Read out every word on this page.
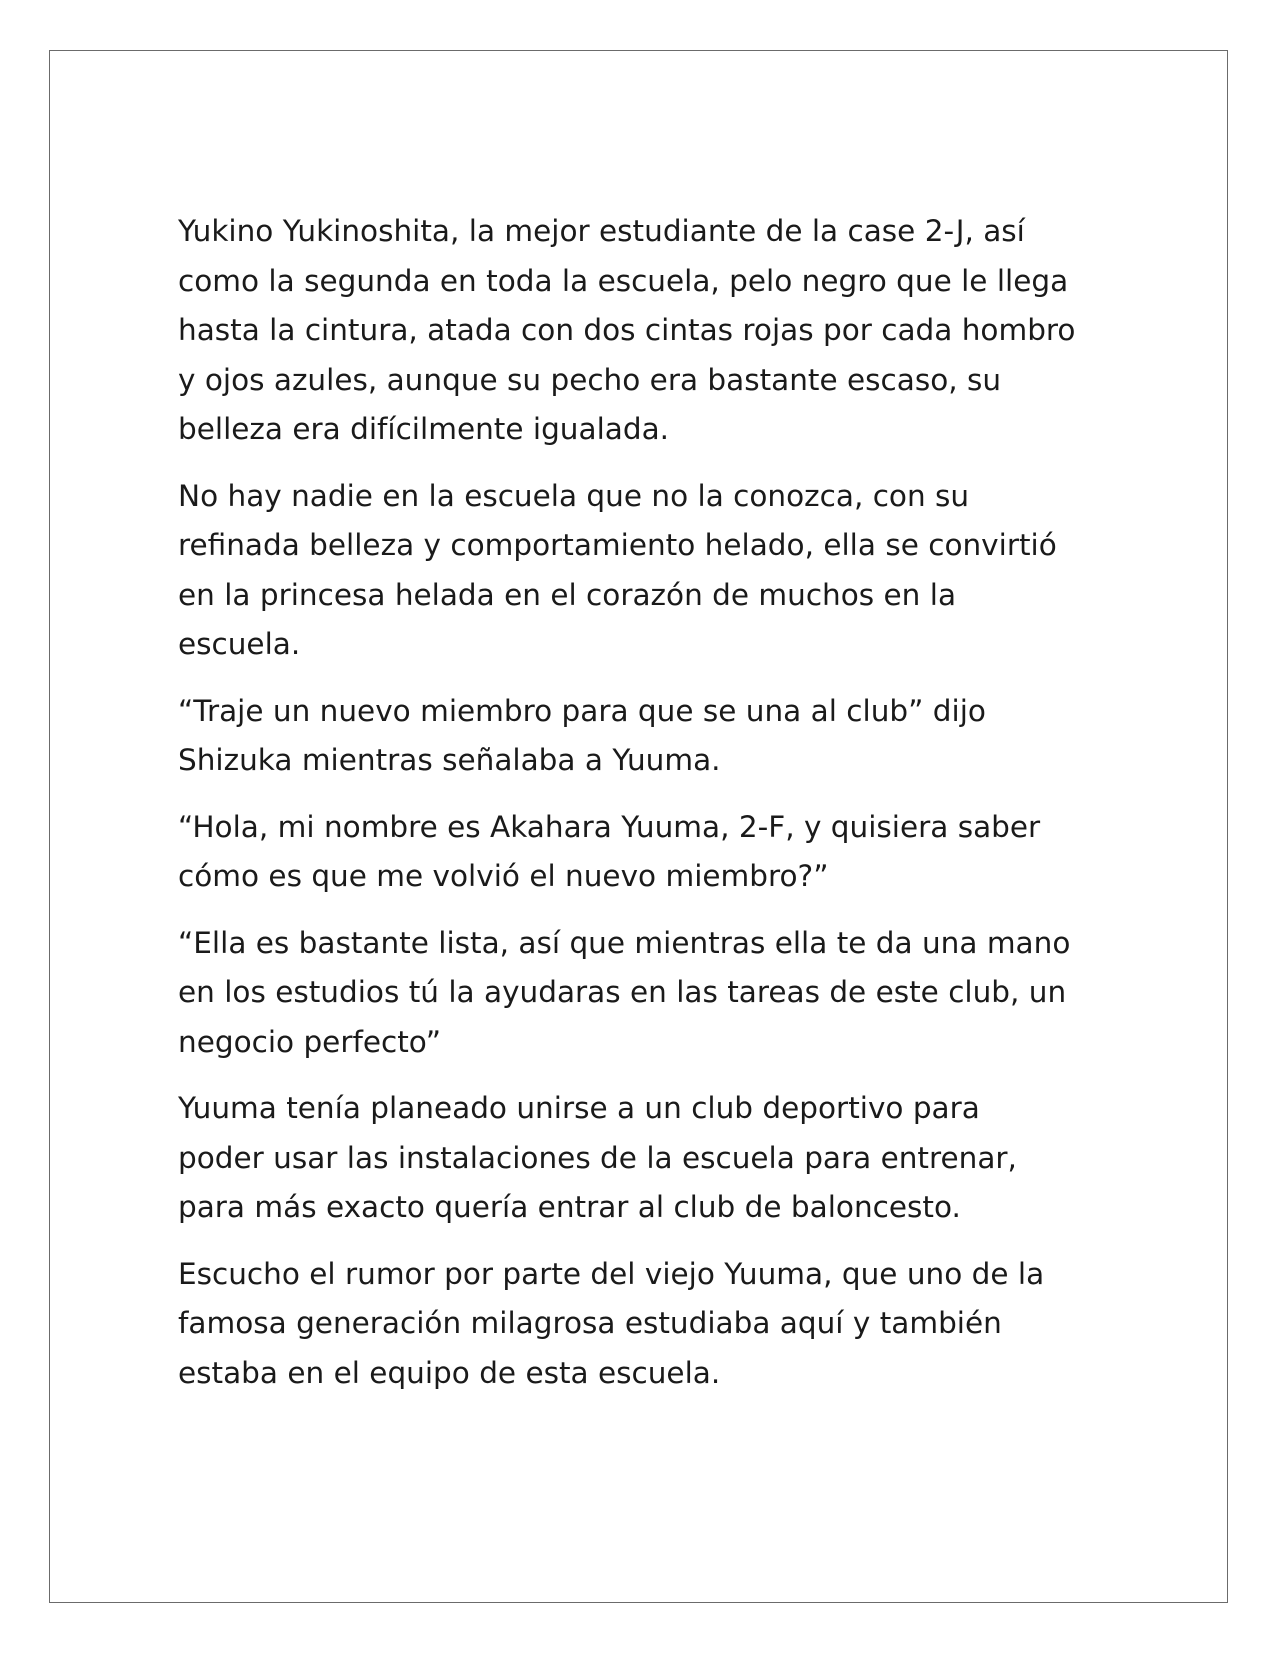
Yukino Yukinoshita, la mejor estudiante de la case 2-J, así
como la segunda en toda la escuela, pelo negro que le llega
hasta la cintura, atada con dos cintas rojas por cada hombro
y ojos azules, aunque su pecho era bastante escaso, su
belleza era difícilmente igualada.

No hay nadie en la escuela que no la conozca, con su
refinada belleza y comportamiento helado, ella se convirtió
en la princesa helada en el corazón de muchos en la
escuela.

“Traje un nuevo miembro para que se una al club” dijo
Shizuka mientras señalaba a Yuuma.

“Hola, mi nombre es Akahara Yuuma, 2-F, y quisiera saber
cómo es que me volvió el nuevo miembro?”

“Ella es bastante lista, así que mientras ella te da una mano
en los estudios tú la ayudaras en las tareas de este club, un
negocio perfecto”

Yuuma tenía planeado unirse a un club deportivo para
poder usar las instalaciones de la escuela para entrenar,
para más exacto quería entrar al club de baloncesto.

Escucho el rumor por parte del viejo Yuuma, que uno de la
famosa generación milagrosa estudiaba aquí y también
estaba en el equipo de esta escuela.
